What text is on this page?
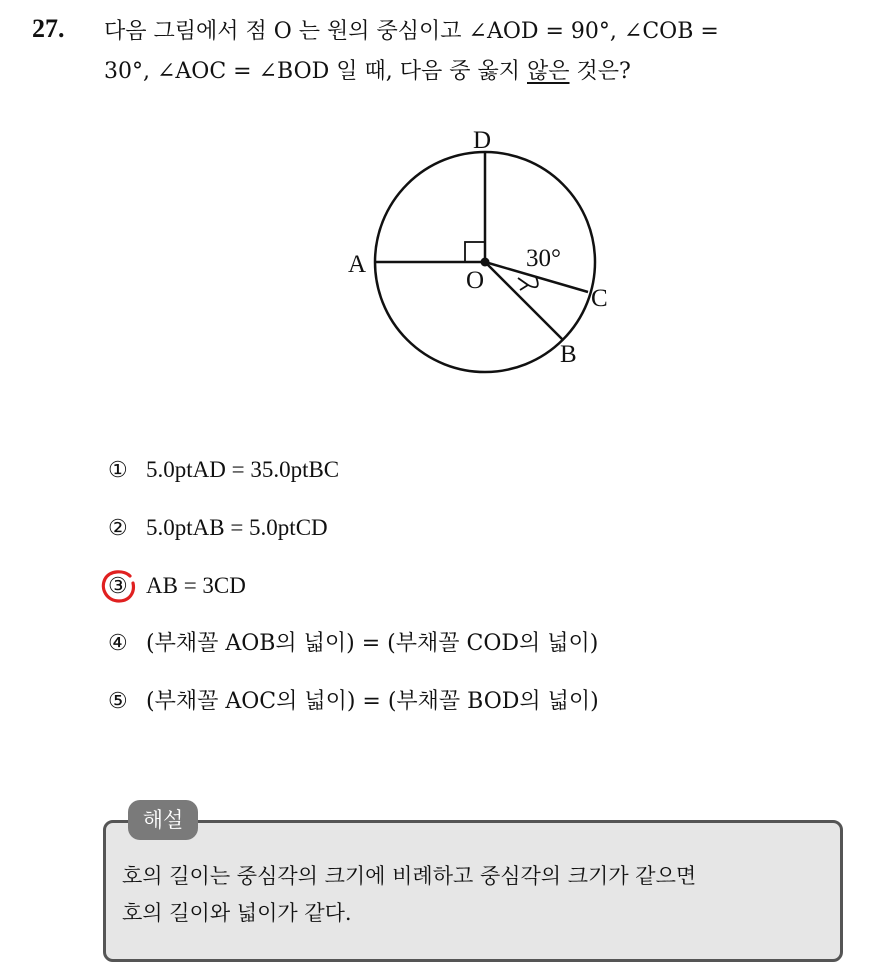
27. 다음 그림에서 점 O 는 원의 중심이고 ∠AOD = 90°, ∠COB =
30°, ∠AOC = ∠BOD 일 때, 다음 중 옳지 않은 것은?
D
A
O
C
B
30°
① 5.0ptAD = 35.0ptBC
② 5.0ptAB = 5.0ptCD
③ AB = 3CD
④ (부채꼴 AOB의 넓이) = (부채꼴 COD의 넓이)
⑤ (부채꼴 AOC의 넓이) = (부채꼴 BOD의 넓이)
해설
호의 길이는 중심각의 크기에 비례하고 중심각의 크기가 같으면
호의 길이와 넓이가 같다.
